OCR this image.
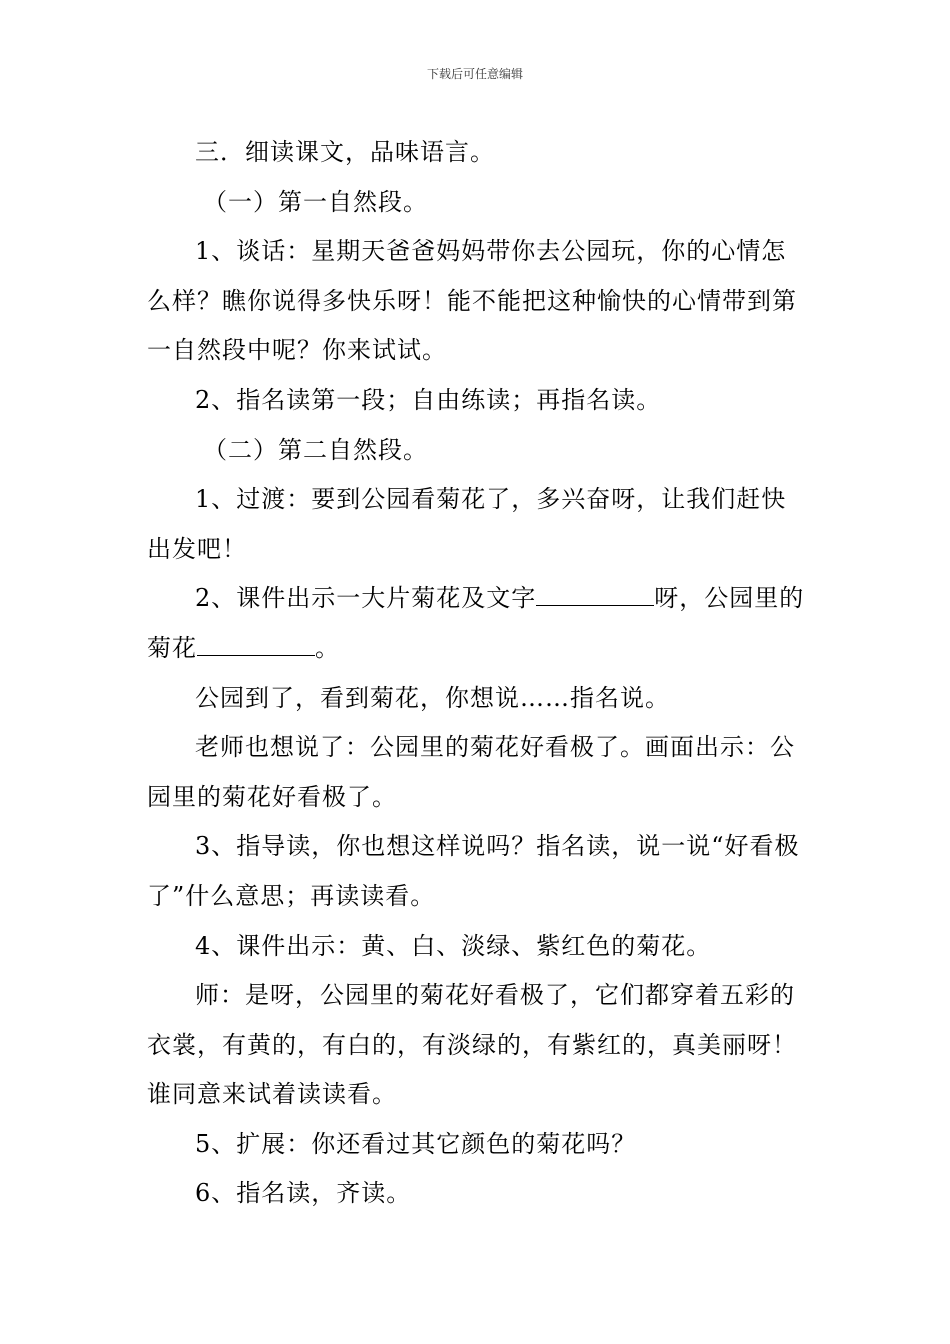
下载后可任意编辑

三．细读课文，品味语言。

（一）第一自然段。

1、谈话：星期天爸爸妈妈带你去公园玩，你的心情怎么样？瞧你说得多快乐呀！能不能把这种愉快的心情带到第一自然段中呢？你来试试。

2、指名读第一段；自由练读；再指名读。

（二）第二自然段。

1、过渡：要到公园看菊花了，多兴奋呀，让我们赶快出发吧！

2、课件出示一大片菊花及文字	呀，公园里的菊花	。

公园到了，看到菊花，你想说……指名说。

老师也想说了：公园里的菊花好看极了。画面出示：公园里的菊花好看极了。

3、指导读，你也想这样说吗？指名读，说一说“好看极了”什么意思；再读读看。

4、课件出示：黄、白、淡绿、紫红色的菊花。

师：是呀，公园里的菊花好看极了，它们都穿着五彩的衣裳，有黄的，有白的，有淡绿的，有紫红的，真美丽呀！谁同意来试着读读看。

5、扩展：你还看过其它颜色的菊花吗？

6、指名读，齐读。
